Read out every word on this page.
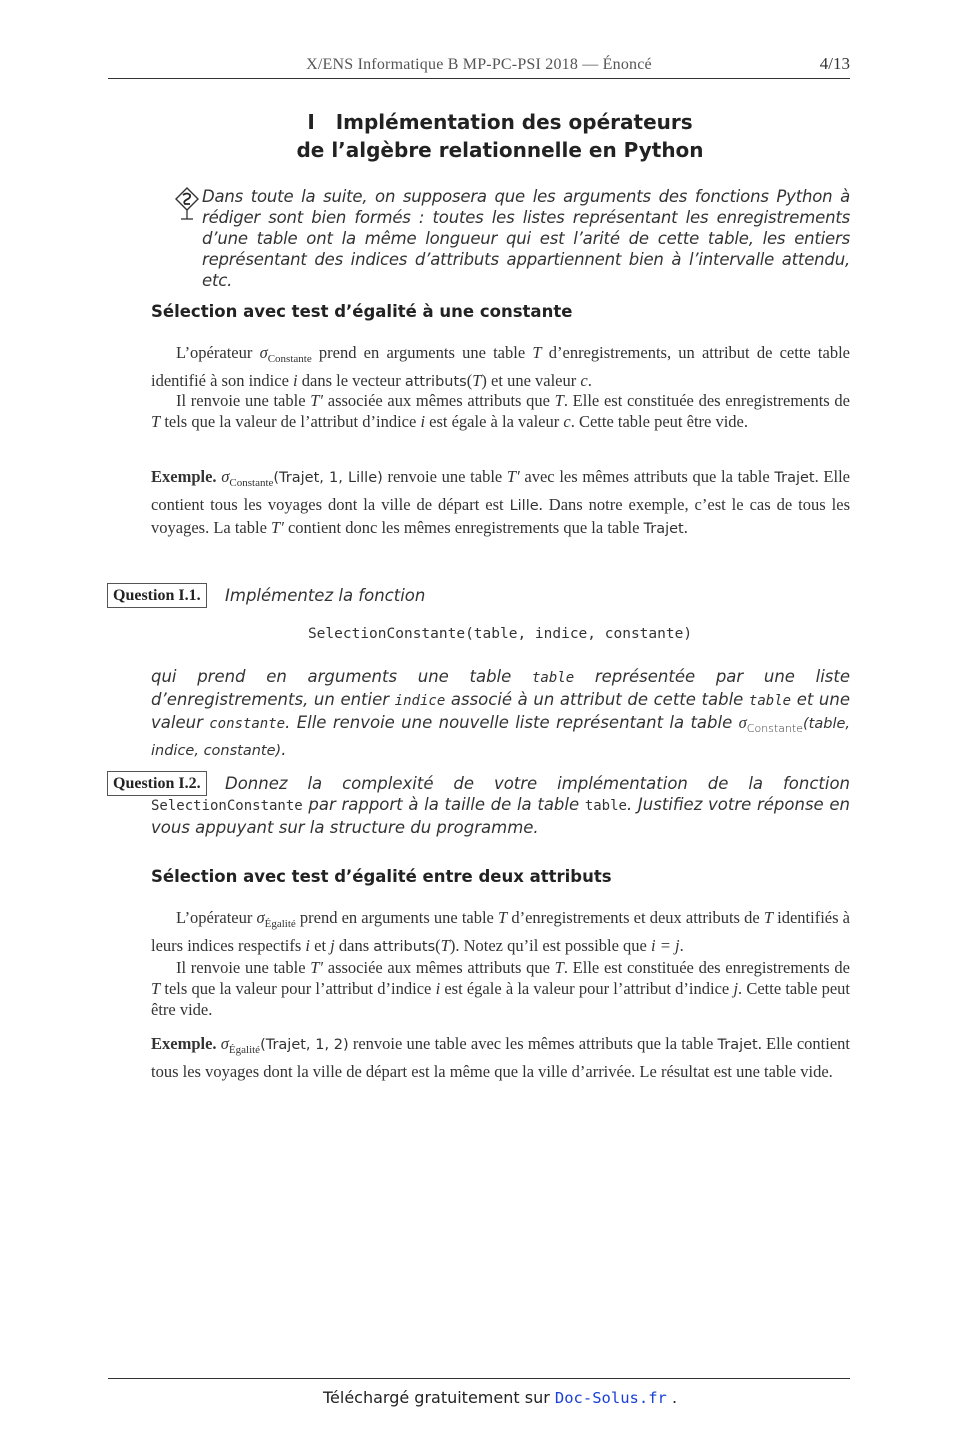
X/ENS Informatique B MP-PC-PSI 2018 — Énoncé	4/13
I Implémentation des opérateurs
de l’algèbre relationnelle en Python
Dans toute la suite, on supposera que les arguments des fonctions Python à rédiger sont bien formés : toutes les listes représentant les enregistrements d’une table ont la même longueur qui est l’arité de cette table, les entiers représentant des indices d’attributs appartiennent bien à l’intervalle attendu, etc.
Sélection avec test d’égalité à une constante
L’opérateur $\sigma_{Constante}$ prend en arguments une table T d’enregistrements, un attribut de cette table identifié à son indice i dans le vecteur attributs(T) et une valeur c.
Il renvoie une table T′ associée aux mêmes attributs que T. Elle est constituée des enregistrements de T tels que la valeur de l’attribut d’indice i est égale à la valeur c. Cette table peut être vide.
Exemple. $\sigma_{Constante}(Trajet$, 1, Lille) renvoie une table T′ avec les mêmes attributs que la table Trajet. Elle contient tous les voyages dont la ville de départ est Lille. Dans notre exemple, c’est le cas de tous les voyages. La table T′ contient donc les mêmes enregistrements que la table Trajet.
Question I.1.	Implémentez la fonction
SelectionConstante(table, indice, constante)
qui prend en arguments une table table représentée par une liste d’enregistrements, un entier indice associé à un attribut de cette table table et une valeur constante. Elle renvoie une nouvelle liste représentant la table $\sigma_{Constante}(table$, indice, constante).
Question I.2.	Donnez la complexité de votre implémentation de la fonction SelectionConstante par rapport à la taille de la table table. Justifiez votre réponse en vous appuyant sur la structure du programme.
Sélection avec test d’égalité entre deux attributs
L’opérateur $\sigma_{Égalité}$ prend en arguments une table T d’enregistrements et deux attributs de T identifiés à leurs indices respectifs i et j dans attributs(T). Notez qu’il est possible que i = j.
Il renvoie une table T′ associée aux mêmes attributs que T. Elle est constituée des enregistrements de T tels que la valeur pour l’attribut d’indice i est égale à la valeur pour l’attribut d’indice j. Cette table peut être vide.
Exemple. $\sigma_{Égalité}(Trajet$, 1, 2) renvoie une table avec les mêmes attributs que la table Trajet. Elle contient tous les voyages dont la ville de départ est la même que la ville d’arrivée. Le résultat est une table vide.
Téléchargé gratuitement sur Doc-Solus.fr .
